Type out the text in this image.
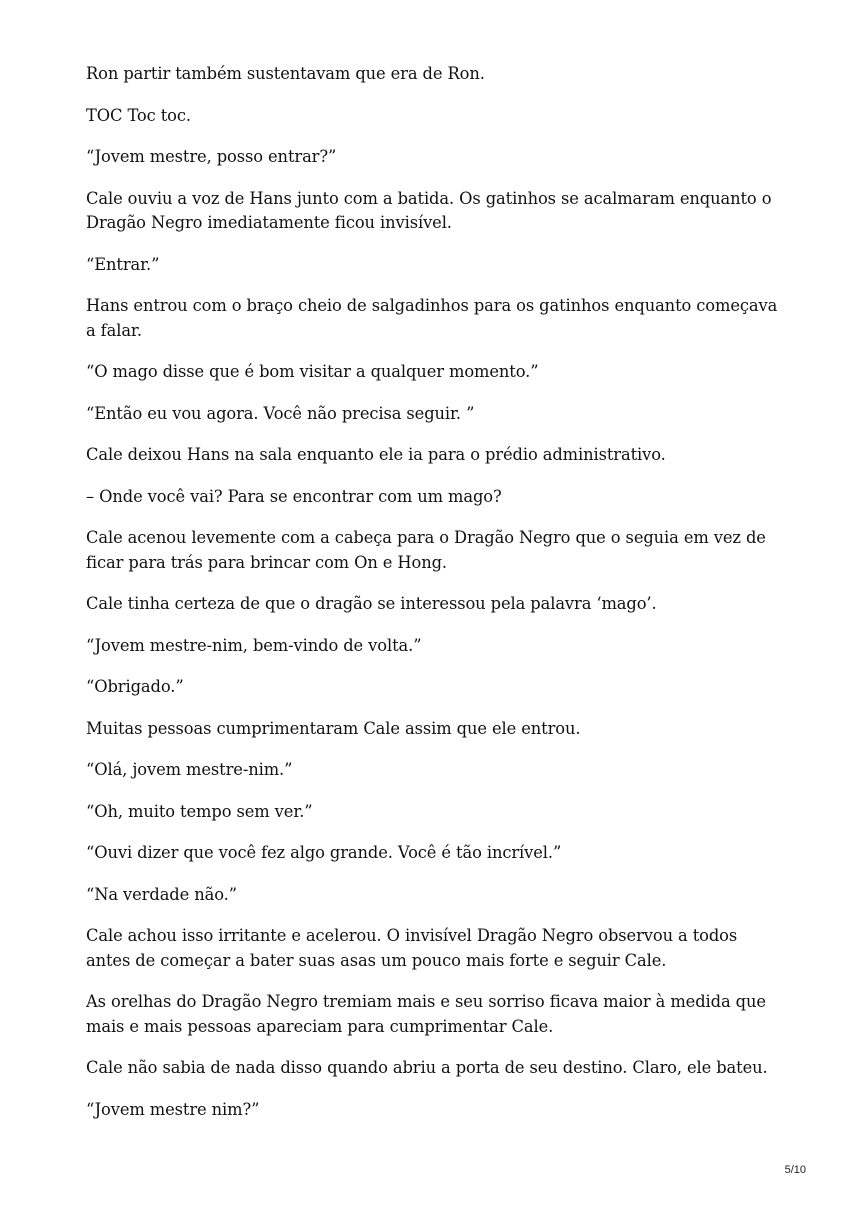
Ron partir também sustentavam que era de Ron.

TOC Toc toc.

“Jovem mestre, posso entrar?”

Cale ouviu a voz de Hans junto com a batida. Os gatinhos se acalmaram enquanto o Dragão Negro imediatamente ficou invisível.

“Entrar.”

Hans entrou com o braço cheio de salgadinhos para os gatinhos enquanto começava a falar.

“O mago disse que é bom visitar a qualquer momento.”

“Então eu vou agora. Você não precisa seguir. ”

Cale deixou Hans na sala enquanto ele ia para o prédio administrativo.

– Onde você vai? Para se encontrar com um mago?

Cale acenou levemente com a cabeça para o Dragão Negro que o seguia em vez de ficar para trás para brincar com On e Hong.

Cale tinha certeza de que o dragão se interessou pela palavra ‘mago’.

“Jovem mestre-nim, bem-vindo de volta.”

“Obrigado.”

Muitas pessoas cumprimentaram Cale assim que ele entrou.

“Olá, jovem mestre-nim.”

“Oh, muito tempo sem ver.”

“Ouvi dizer que você fez algo grande. Você é tão incrível.”

“Na verdade não.”

Cale achou isso irritante e acelerou. O invisível Dragão Negro observou a todos antes de começar a bater suas asas um pouco mais forte e seguir Cale.

As orelhas do Dragão Negro tremiam mais e seu sorriso ficava maior à medida que mais e mais pessoas apareciam para cumprimentar Cale.

Cale não sabia de nada disso quando abriu a porta de seu destino. Claro, ele bateu.

“Jovem mestre nim?”

5/10
